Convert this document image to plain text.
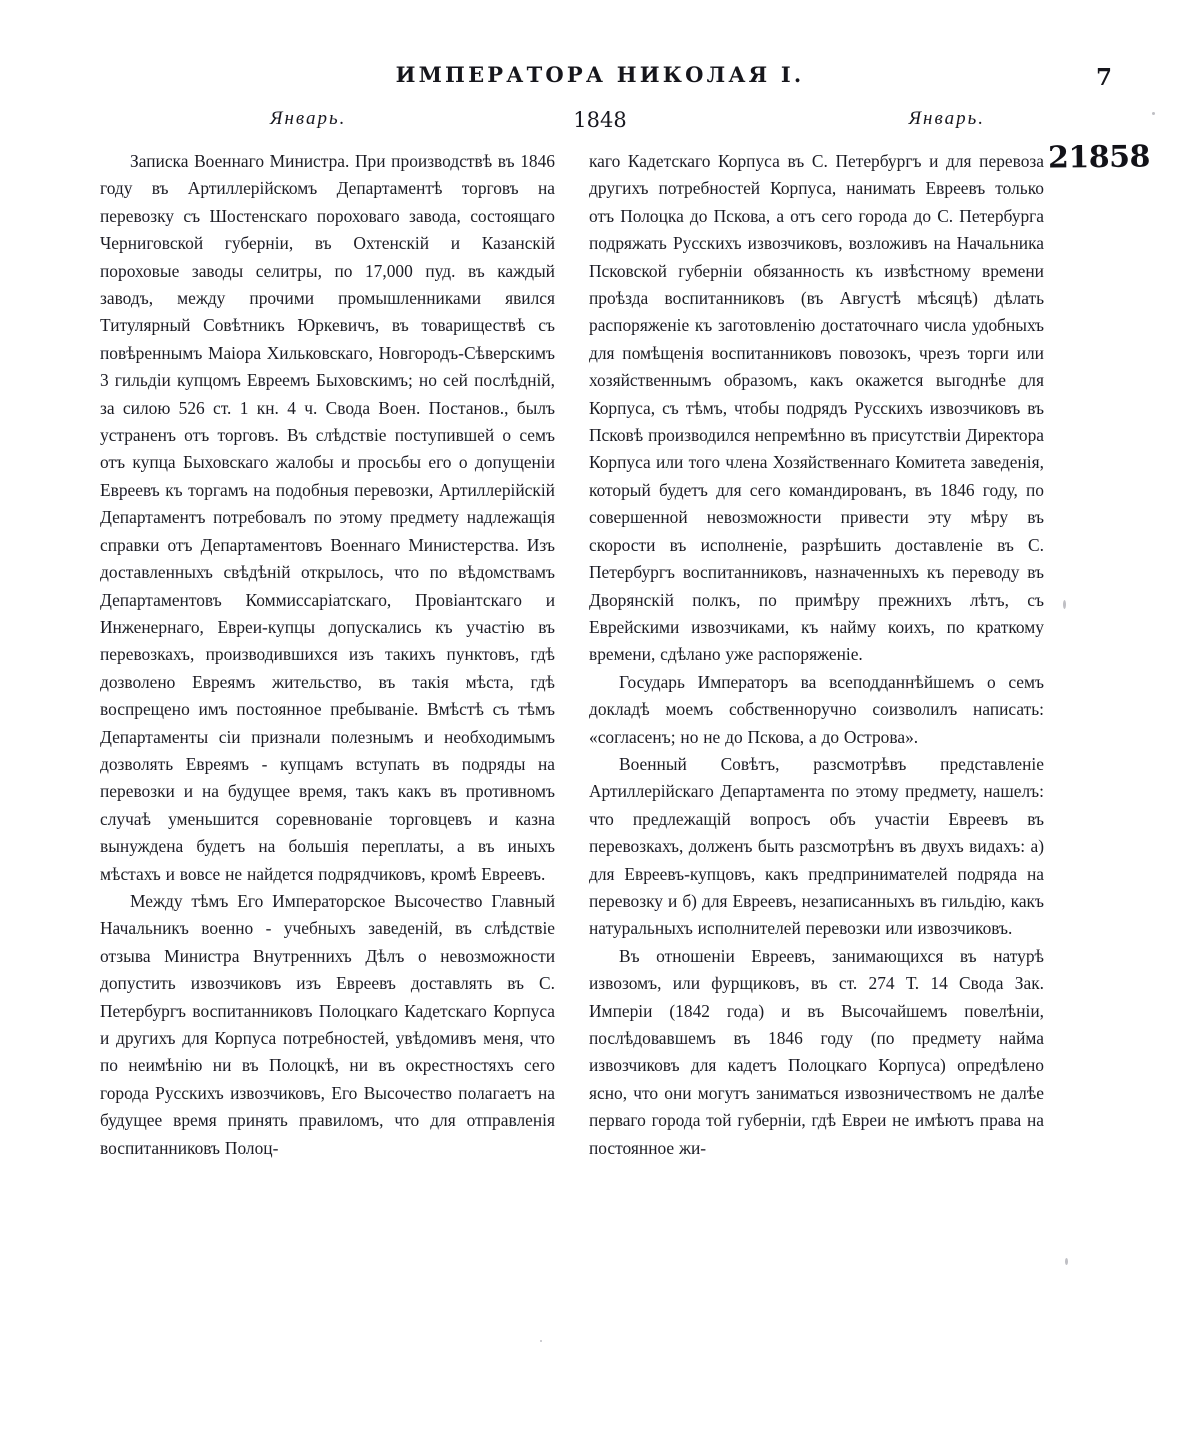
ИМПЕРАТОРА НИКОЛАЯ I.	7
Январь.	1848	Январь.
21858

Записка Военнаго Министра. При производствѣ въ 1846 году въ Артиллерійскомъ Департаментѣ торговъ на перевозку съ Шостенскаго пороховаго завода, состоящаго Черниговской губерніи, въ Охтенскій и Казанскій пороховые заводы селитры, по 17,000 пуд. въ каждый заводъ, между прочими промышленниками явился Титулярный Совѣтникъ Юркевичъ, въ товариществѣ съ повѣреннымъ Маіора Хильковскаго, Новгородъ-Сѣверскимъ 3 гильдіи купцомъ Евреемъ Быховскимъ; но сей послѣдній, за силою 526 ст. 1 кн. 4 ч. Свода Воен. Постанов., былъ устраненъ отъ торговъ. Въ слѣдствіе поступившей о семъ отъ купца Быховскаго жалобы и просьбы его о допущеніи Евреевъ къ торгамъ на подобныя перевозки, Артиллерійскій Департаментъ потребовалъ по этому предмету надлежащія справки отъ Департаментовъ Военнаго Министерства. Изъ доставленныхъ свѣдѣній открылось, что по вѣдомствамъ Департаментовъ Коммиссаріатскаго, Провіантскаго и Инженернаго, Евреи-купцы допускались къ участію въ перевозкахъ, производившихся изъ такихъ пунктовъ, гдѣ дозволено Евреямъ жительство, въ такія мѣста, гдѣ воспрещено имъ постоянное пребываніе. Вмѣстѣ съ тѣмъ Департаменты сіи признали полезнымъ и необходимымъ дозволять Евреямъ - купцамъ вступать въ подряды на перевозки и на будущее время, такъ какъ въ противномъ случаѣ уменьшится соревнованіе торговцевъ и казна вынуждена будетъ на большія переплаты, а въ иныхъ мѣстахъ и вовсе не найдется подрядчиковъ, кромѣ Евреевъ.

Между тѣмъ Его Императорское Высочество Главный Начальникъ военно - учебныхъ заведеній, въ слѣдствіе отзыва Министра Внутреннихъ Дѣлъ о невозможности допустить извозчиковъ изъ Евреевъ доставлять въ С. Петербургъ воспитанниковъ Полоцкаго Кадетскаго Корпуса и другихъ для Корпуса потребностей, увѣдомивъ меня, что по неимѣнію ни въ Полоцкѣ, ни въ окрестностяхъ сего города Русскихъ извозчиковъ, Его Высочество полагаетъ на будущее время принять правиломъ, что для отправленія воспитанниковъ Полоц-

каго Кадетскаго Корпуса въ С. Петербургъ и для перевоза другихъ потребностей Корпуса, нанимать Евреевъ только отъ Полоцка до Пскова, а отъ сего города до С. Петербурга подряжать Русскихъ извозчиковъ, возложивъ на Начальника Псковской губерніи обязанность къ извѣстному времени проѣзда воспитанниковъ (въ Августѣ мѣсяцѣ) дѣлать распоряженіе къ заготовленію достаточнаго числа удобныхъ для помѣщенія воспитанниковъ повозокъ, чрезъ торги или хозяйственнымъ образомъ, какъ окажется выгоднѣе для Корпуса, съ тѣмъ, чтобы подрядъ Русскихъ извозчиковъ въ Псковѣ производился непремѣнно въ присутствіи Директора Корпуса или того члена Хозяйственнаго Комитета заведенія, который будетъ для сего командированъ, въ 1846 году, по совершенной невозможности привести эту мѣру въ скорости въ исполненіе, разрѣшить доставленіе въ С. Петербургъ воспитанниковъ, назначенныхъ къ переводу въ Дворянскій полкъ, по примѣру прежнихъ лѣтъ, съ Еврейскими извозчиками, къ найму коихъ, по краткому времени, сдѣлано уже распоряженіе.

Государь Императоръ ва всеподданнѣйшемъ о семъ докладѣ моемъ собственноручно соизволилъ написать: «согласенъ; но не до Пскова, а до Острова».

Военный Совѣтъ, разсмотрѣвъ представленіе Артиллерійскаго Департамента по этому предмету, нашелъ: что предлежащій вопросъ объ участіи Евреевъ въ перевозкахъ, долженъ быть разсмотрѣнъ въ двухъ видахъ: а) для Евреевъ-купцовъ, какъ предпринимателей подряда на перевозку и б) для Евреевъ, незаписанныхъ въ гильдію, какъ натуральныхъ исполнителей перевозки или извозчиковъ.

Въ отношеніи Евреевъ, занимающихся въ натурѣ извозомъ, или фурщиковъ, въ ст. 274 Т. 14 Свода Зак. Имперіи (1842 года) и въ Высочайшемъ повелѣніи, послѣдовавшемъ въ 1846 году (по предмету найма извозчиковъ для кадетъ Полоцкаго Корпуса) опредѣлено ясно, что они могутъ заниматься извозничествомъ не далѣе перваго города той губерніи, гдѣ Евреи не имѣютъ права на постоянное жи-
